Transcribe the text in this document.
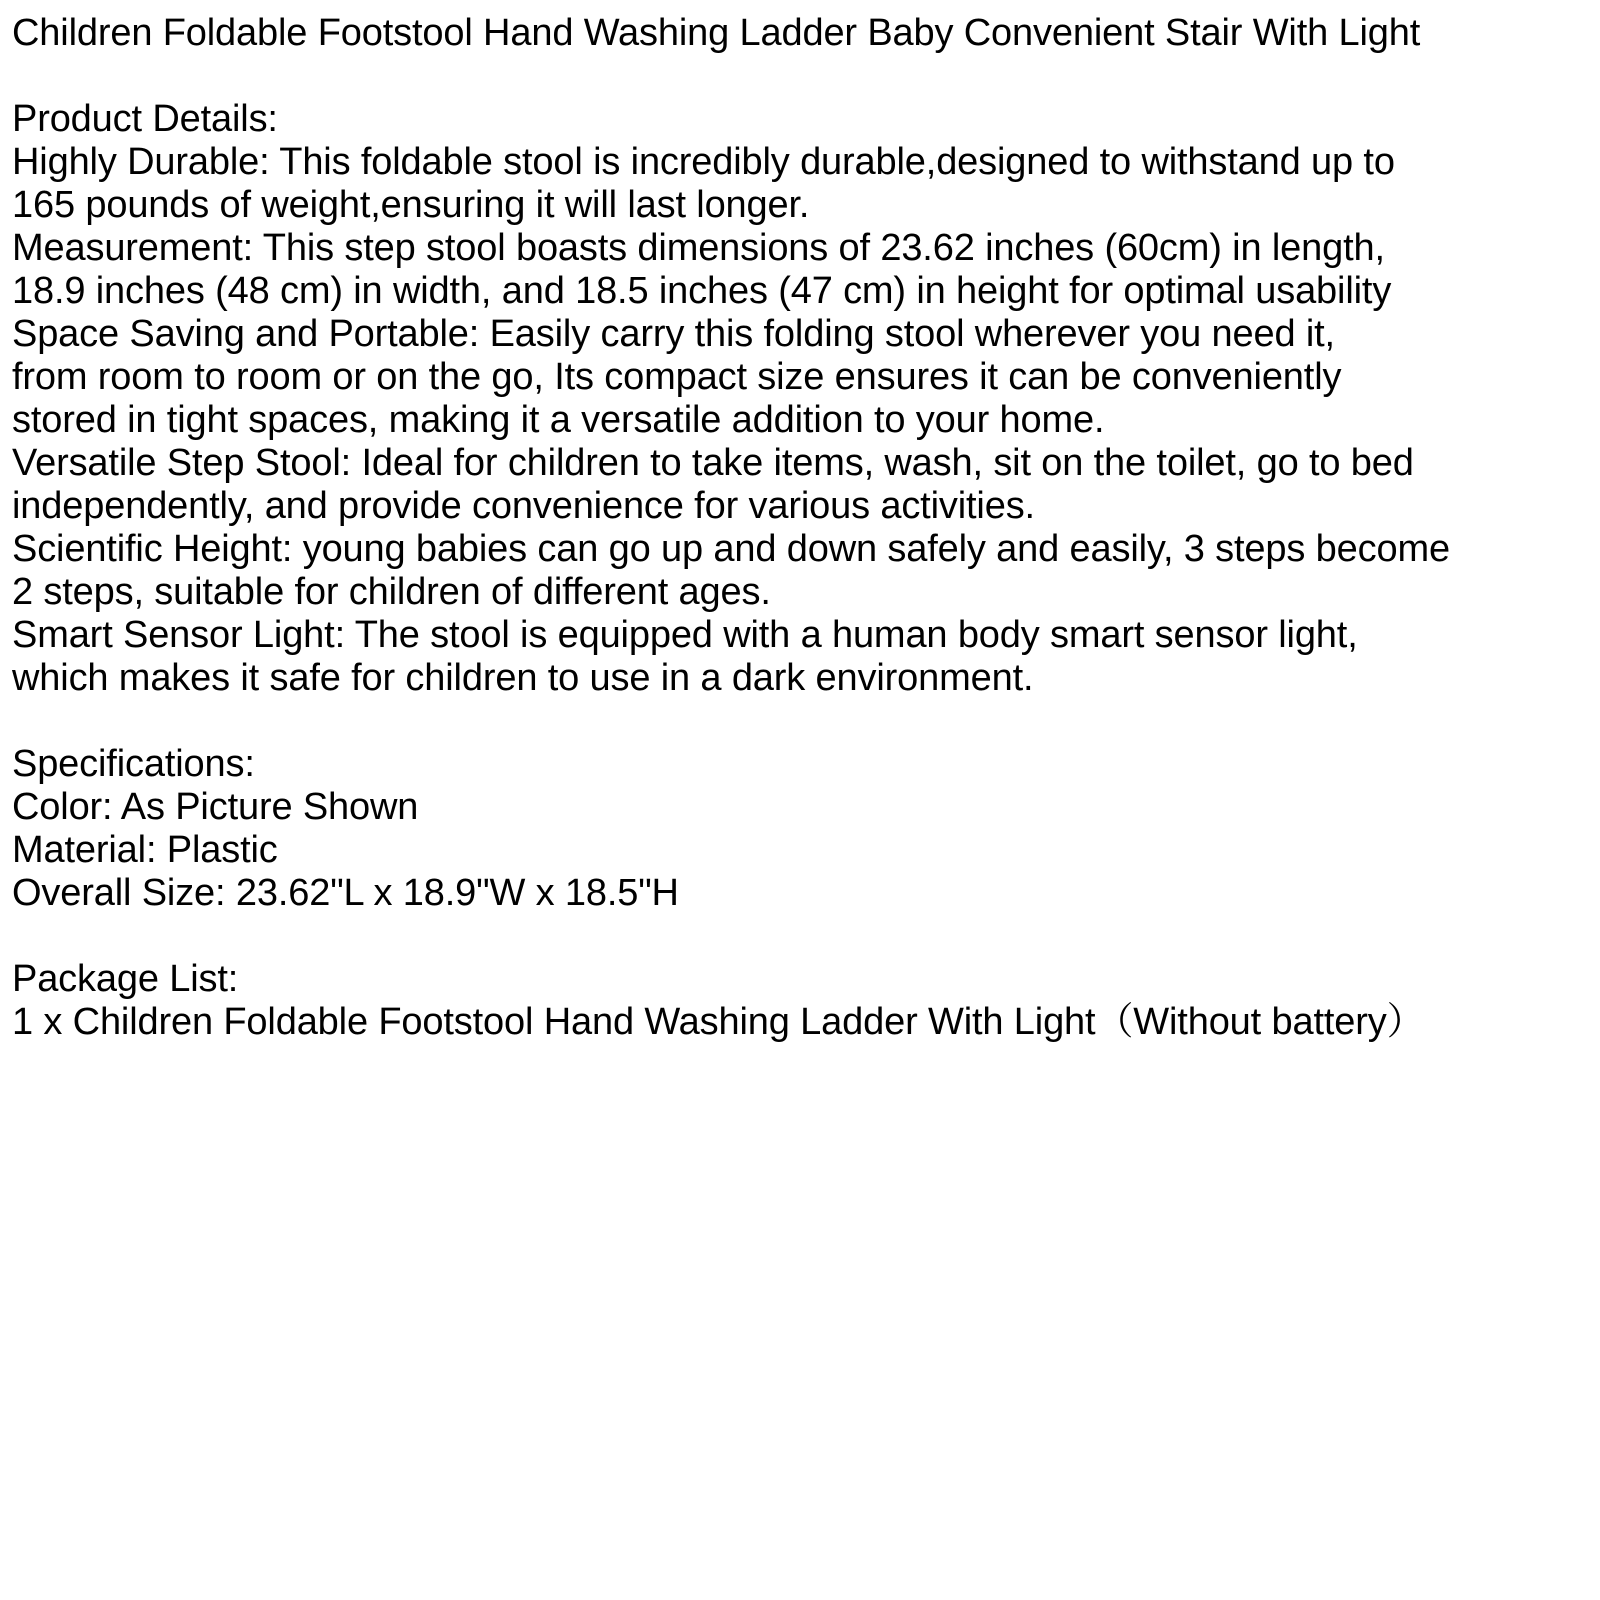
Children Foldable Footstool Hand Washing Ladder Baby Convenient Stair With Light
Product Details:
Highly Durable: This foldable stool is incredibly durable,designed to withstand up to
165 pounds of weight,ensuring it will last longer.
Measurement: This step stool boasts dimensions of 23.62 inches (60cm) in length,
18.9 inches (48 cm) in width, and 18.5 inches (47 cm) in height for optimal usability
Space Saving and Portable: Easily carry this folding stool wherever you need it,
from room to room or on the go, Its compact size ensures it can be conveniently
stored in tight spaces, making it a versatile addition to your home.
Versatile Step Stool: Ideal for children to take items, wash, sit on the toilet, go to bed
independently, and provide convenience for various activities.
Scientific Height: young babies can go up and down safely and easily, 3 steps become
2 steps, suitable for children of different ages.
Smart Sensor Light: The stool is equipped with a human body smart sensor light,
which makes it safe for children to use in a dark environment.
Specifications:
Color: As Picture Shown
Material: Plastic
Overall Size: 23.62"L x 18.9"W x 18.5"H
Package List:
1 x Children Foldable Footstool Hand Washing Ladder With Light（Without battery）
